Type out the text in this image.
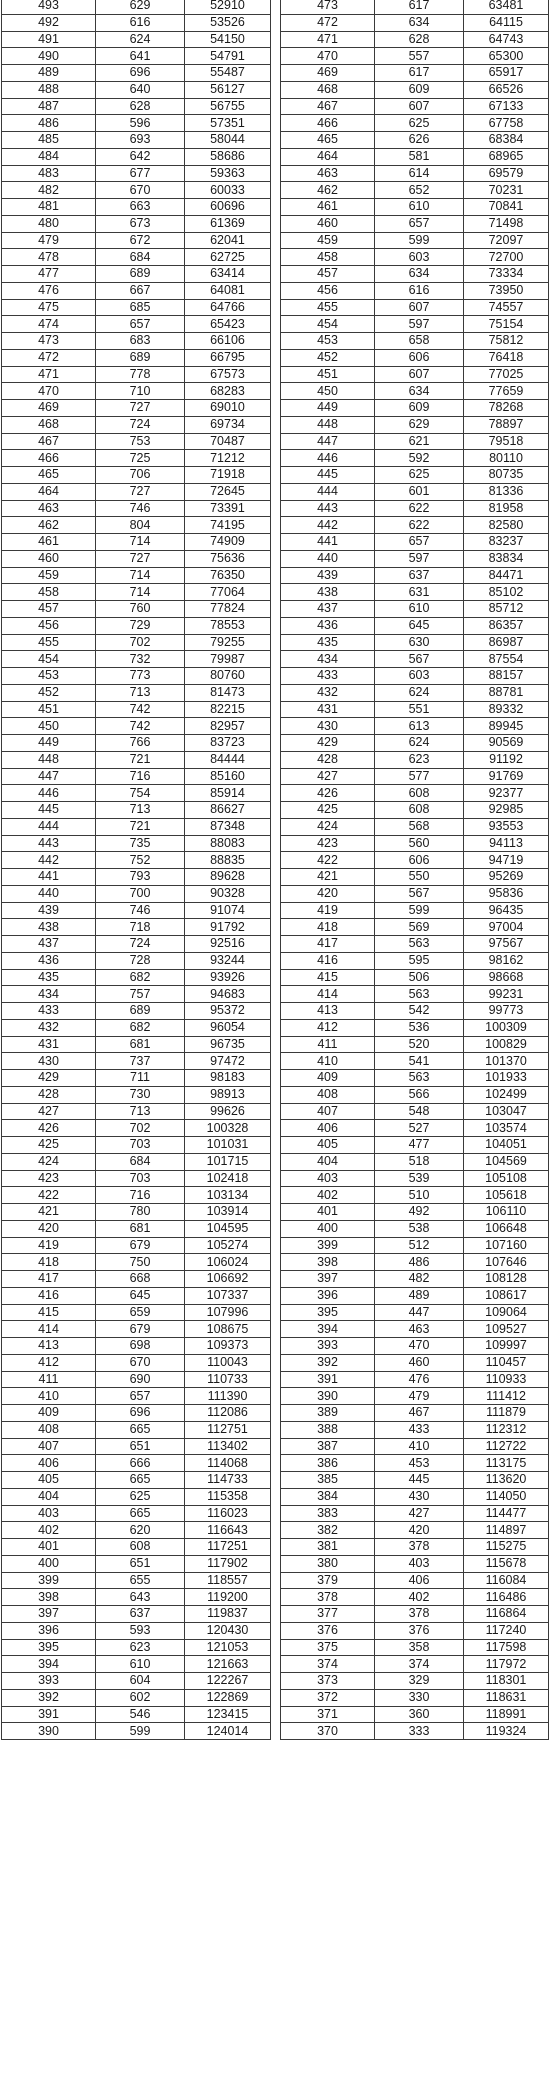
493	629	52910
492	616	53526
491	624	54150
490	641	54791
489	696	55487
488	640	56127
487	628	56755
486	596	57351
485	693	58044
484	642	58686
483	677	59363
482	670	60033
481	663	60696
480	673	61369
479	672	62041
478	684	62725
477	689	63414
476	667	64081
475	685	64766
474	657	65423
473	683	66106
472	689	66795
471	778	67573
470	710	68283
469	727	69010
468	724	69734
467	753	70487
466	725	71212
465	706	71918
464	727	72645
463	746	73391
462	804	74195
461	714	74909
460	727	75636
459	714	76350
458	714	77064
457	760	77824
456	729	78553
455	702	79255
454	732	79987
453	773	80760
452	713	81473
451	742	82215
450	742	82957
449	766	83723
448	721	84444
447	716	85160
446	754	85914
445	713	86627
444	721	87348
443	735	88083
442	752	88835
441	793	89628
440	700	90328
439	746	91074
438	718	91792
437	724	92516
436	728	93244
435	682	93926
434	757	94683
433	689	95372
432	682	96054
431	681	96735
430	737	97472
429	711	98183
428	730	98913
427	713	99626
426	702	100328
425	703	101031
424	684	101715
423	703	102418
422	716	103134
421	780	103914
420	681	104595
419	679	105274
418	750	106024
417	668	106692
416	645	107337
415	659	107996
414	679	108675
413	698	109373
412	670	110043
411	690	110733
410	657	111390
409	696	112086
408	665	112751
407	651	113402
406	666	114068
405	665	114733
404	625	115358
403	665	116023
402	620	116643
401	608	117251
400	651	117902
399	655	118557
398	643	119200
397	637	119837
396	593	120430
395	623	121053
394	610	121663
393	604	122267
392	602	122869
391	546	123415
390	599	124014
473	617	63481
472	634	64115
471	628	64743
470	557	65300
469	617	65917
468	609	66526
467	607	67133
466	625	67758
465	626	68384
464	581	68965
463	614	69579
462	652	70231
461	610	70841
460	657	71498
459	599	72097
458	603	72700
457	634	73334
456	616	73950
455	607	74557
454	597	75154
453	658	75812
452	606	76418
451	607	77025
450	634	77659
449	609	78268
448	629	78897
447	621	79518
446	592	80110
445	625	80735
444	601	81336
443	622	81958
442	622	82580
441	657	83237
440	597	83834
439	637	84471
438	631	85102
437	610	85712
436	645	86357
435	630	86987
434	567	87554
433	603	88157
432	624	88781
431	551	89332
430	613	89945
429	624	90569
428	623	91192
427	577	91769
426	608	92377
425	608	92985
424	568	93553
423	560	94113
422	606	94719
421	550	95269
420	567	95836
419	599	96435
418	569	97004
417	563	97567
416	595	98162
415	506	98668
414	563	99231
413	542	99773
412	536	100309
411	520	100829
410	541	101370
409	563	101933
408	566	102499
407	548	103047
406	527	103574
405	477	104051
404	518	104569
403	539	105108
402	510	105618
401	492	106110
400	538	106648
399	512	107160
398	486	107646
397	482	108128
396	489	108617
395	447	109064
394	463	109527
393	470	109997
392	460	110457
391	476	110933
390	479	111412
389	467	111879
388	433	112312
387	410	112722
386	453	113175
385	445	113620
384	430	114050
383	427	114477
382	420	114897
381	378	115275
380	403	115678
379	406	116084
378	402	116486
377	378	116864
376	376	117240
375	358	117598
374	374	117972
373	329	118301
372	330	118631
371	360	118991
370	333	119324
